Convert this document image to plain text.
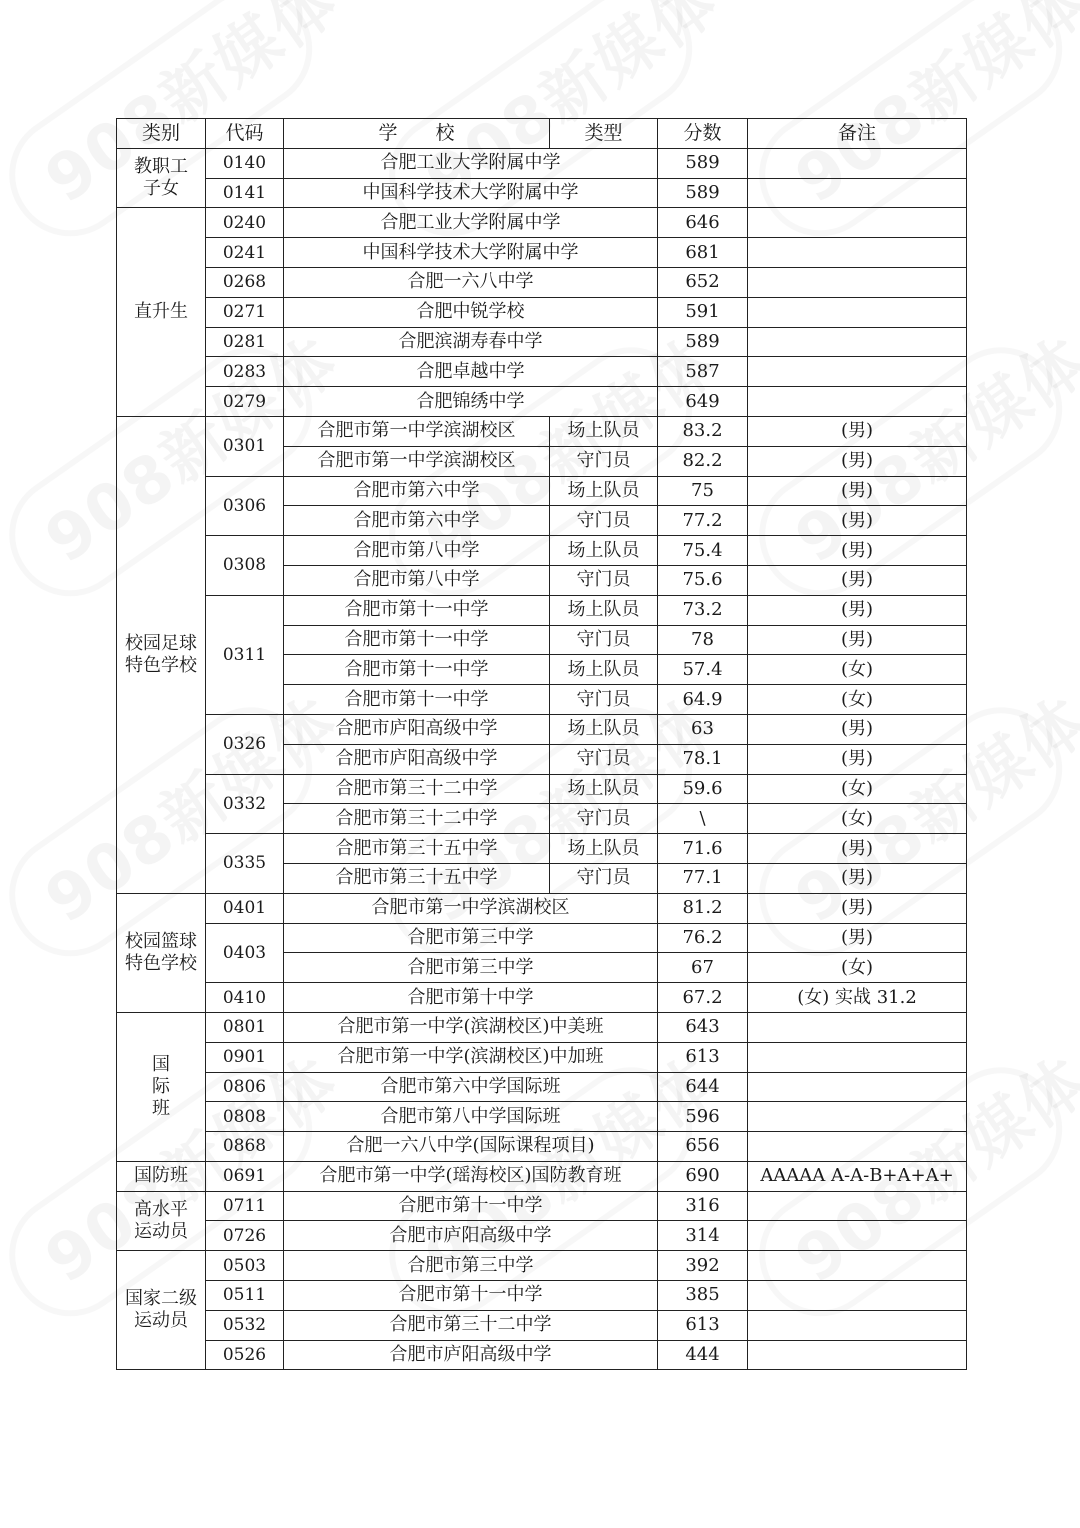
类别	代码	学　　校	类型	分数	备注

教职工
子女	0140	合肥工业大学附属中学		589	
	0141	中国科学技术大学附属中学		589	

直升生	0240	合肥工业大学附属中学		646	
	0241	中国科学技术大学附属中学		681	
	0268	合肥一六八中学		652	
	0271	合肥中锐学校		591	
	0281	合肥滨湖寿春中学		589	
	0283	合肥卓越中学		587	
	0279	合肥锦绣中学		649	

校园足球
特色学校	0301	合肥市第一中学滨湖校区	场上队员	83.2	(男)
		合肥市第一中学滨湖校区	守门员	82.2	(男)
	0306	合肥市第六中学	场上队员	75	(男)
		合肥市第六中学	守门员	77.2	(男)
	0308	合肥市第八中学	场上队员	75.4	(男)
		合肥市第八中学	守门员	75.6	(男)
	0311	合肥市第十一中学	场上队员	73.2	(男)
		合肥市第十一中学	守门员	78	(男)
		合肥市第十一中学	场上队员	57.4	(女)
		合肥市第十一中学	守门员	64.9	(女)
	0326	合肥市庐阳高级中学	场上队员	63	(男)
		合肥市庐阳高级中学	守门员	78.1	(男)
	0332	合肥市第三十二中学	场上队员	59.6	(女)
		合肥市第三十二中学	守门员	\	(女)
	0335	合肥市第三十五中学	场上队员	71.6	(男)
		合肥市第三十五中学	守门员	77.1	(男)

校园篮球
特色学校	0401	合肥市第一中学滨湖校区		81.2	(男)
	0403	合肥市第三中学		76.2	(男)
		合肥市第三中学		67	(女)
	0410	合肥市第十中学		67.2	(女) 实战 31.2

国
际
班	0801	合肥市第一中学(滨湖校区)中美班		643	
	0901	合肥市第一中学(滨湖校区)中加班		613	
	0806	合肥市第六中学国际班		644	
	0808	合肥市第八中学国际班		596	
	0868	合肥一六八中学(国际课程项目)		656	

国防班	0691	合肥市第一中学(瑶海校区)国防教育班		690	AAAAA A-A-B+A+A+

高水平
运动员	0711	合肥市第十一中学		316	
	0726	合肥市庐阳高级中学		314	

国家二级
运动员	0503	合肥市第三中学		392	
	0511	合肥市第十一中学		385	
	0532	合肥市第三十二中学		613	
	0526	合肥市庐阳高级中学		444	
